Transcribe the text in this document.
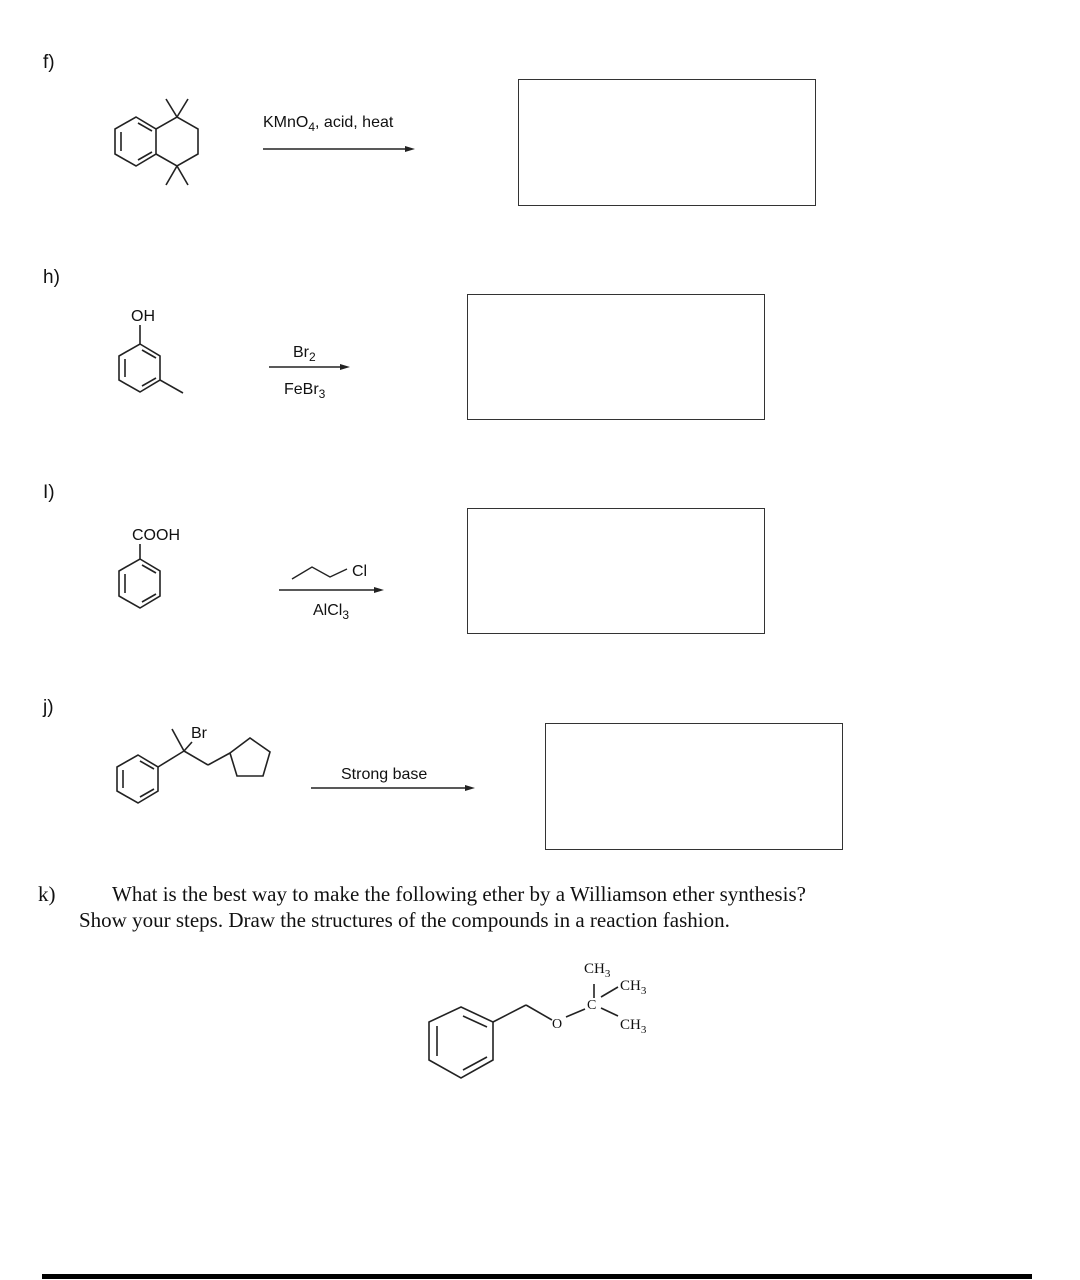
f)
KMnO$_4$, acid, heat
h)
OH
$Br_2$
FeBr$_3$
I)
COOH
Cl
AlCl$_3$
j)
Br
Strong base
k)	What is the best way to make the following ether by a Williamson ether synthesis?
Show your steps. Draw the structures of the compounds in a reaction fashion.
O
C
$CH_3$
$CH_3$
$CH_3$
